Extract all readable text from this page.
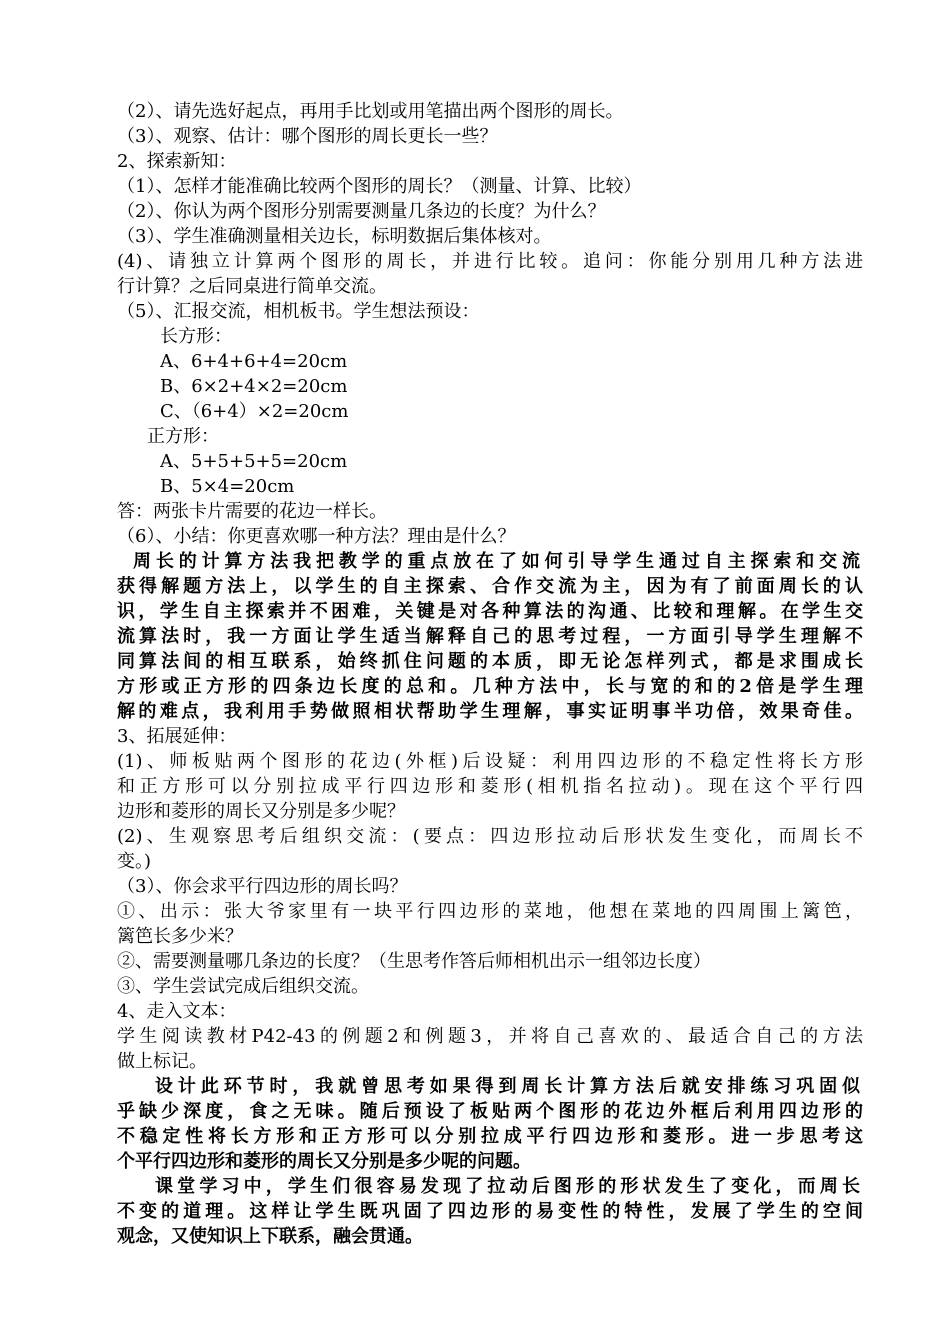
（2）、请先选好起点，再用手比划或用笔描出两个图形的周长。
（3）、观察、估计：哪个图形的周长更长一些？
2、探索新知：
（1）、怎样才能准确比较两个图形的周长？（测量、计算、比较）
（2）、你认为两个图形分别需要测量几条边的长度？为什么？
（3）、学生准确测量相关边长，标明数据后集体核对。
(4)、请独立计算两个图形的周长，并进行比较。追问：你能分别用几种方法进
行计算？之后同桌进行简单交流。
（5）、汇报交流，相机板书。学生想法预设：
长方形：
A、6+4+6+4=20cm
B、6×2+4×2=20cm
C、（6+4）×2=20cm
正方形：
A、5+5+5+5=20cm
B、5×4=20cm
答：两张卡片需要的花边一样长。
（6）、小结：你更喜欢哪一种方法？理由是什么？
周长的计算方法我把教学的重点放在了如何引导学生通过自主探索和交流
获得解题方法上，以学生的自主探索、合作交流为主，因为有了前面周长的认
识，学生自主探索并不困难，关键是对各种算法的沟通、比较和理解。在学生交
流算法时，我一方面让学生适当解释自己的思考过程，一方面引导学生理解不
同算法间的相互联系，始终抓住问题的本质，即无论怎样列式，都是求围成长
方形或正方形的四条边长度的总和。几种方法中，长与宽的和的2倍是学生理
解的难点，我利用手势做照相状帮助学生理解，事实证明事半功倍，效果奇佳。
3、拓展延伸：
(1)、师板贴两个图形的花边(外框)后设疑：利用四边形的不稳定性将长方形
和正方形可以分别拉成平行四边形和菱形(相机指名拉动)。现在这个平行四
边形和菱形的周长又分别是多少呢？
(2)、生观察思考后组织交流：(要点：四边形拉动后形状发生变化，而周长不
变。)
（3）、你会求平行四边形的周长吗？
①、出示：张大爷家里有一块平行四边形的菜地，他想在菜地的四周围上篱笆，
篱笆长多少米？
②、需要测量哪几条边的长度？（生思考作答后师相机出示一组邻边长度）
③、学生尝试完成后组织交流。
4、走入文本：
学生阅读教材P42-43的例题2和例题3，并将自己喜欢的、最适合自己的方法
做上标记。
设计此环节时，我就曾思考如果得到周长计算方法后就安排练习巩固似
乎缺少深度，食之无味。随后预设了板贴两个图形的花边外框后利用四边形的
不稳定性将长方形和正方形可以分别拉成平行四边形和菱形。进一步思考这
个平行四边形和菱形的周长又分别是多少呢的问题。
课堂学习中，学生们很容易发现了拉动后图形的形状发生了变化，而周长
不变的道理。这样让学生既巩固了四边形的易变性的特性，发展了学生的空间
观念，又使知识上下联系，融会贯通。
